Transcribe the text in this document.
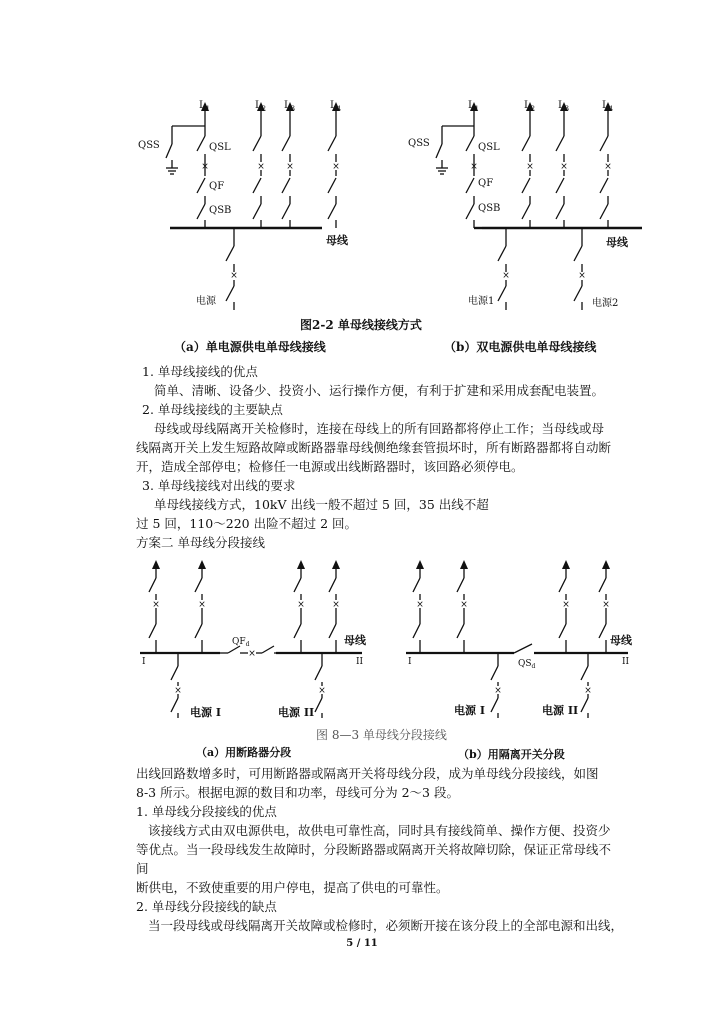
×	× ×	×
×
$L_1$	$L_2$ $L_3$	$L_4$
QSS	QSL
QF
QSB
母线
电源
×	×	×	×
×	×
$L_1$	$L_2$ $L_3$	$L_4$
QSS	QSL
QF
QSB
母线
电源1	电源2
图2-2 单母线接线方式
（a）单电源供电单母线接线	（b）双电源供电单母线接线
1. 单母线接线的优点
简单、清晰、设备少、投资小、运行操作方便，有利于扩建和采用成套配电装置。
2. 单母线接线的主要缺点
母线或母线隔离开关检修时，连接在母线上的所有回路都将停止工作；当母线或母
线隔离开关上发生短路故障或断路器靠母线侧绝缘套管损坏时，所有断路器都将自动断
开，造成全部停电；检修任一电源或出线断路器时，该回路必须停电。
3. 单母线接线对出线的要求
单母线接线方式，10kV 出线一般不超过 5 回，35 出线不超
过 5 回，110～220 出险不超过 2 回。
方案二 单母线分段接线
×	×	×	×
×
×	×
$QF_d$	母线
I	II
电源 I	电源 II
×	×	×	×
×	×
$QS_d$
母线
I	II
电源 I	电源 II
图 8—3 单母线分段接线
（a）用断路器分段	（b）用隔离开关分段
出线回路数增多时，可用断路器或隔离开关将母线分段，成为单母线分段接线，如图
8-3 所示。根据电源的数目和功率，母线可分为 2～3 段。
1. 单母线分段接线的优点
该接线方式由双电源供电，故供电可靠性高，同时具有接线简单、操作方便、投资少
等优点。当一段母线发生故障时，分段断路器或隔离开关将故障切除，保证正常母线不
间
断供电，不致使重要的用户停电，提高了供电的可靠性。
2. 单母线分段接线的缺点
当一段母线或母线隔离开关故障或检修时，必须断开接在该分段上的全部电源和出线，
5 / 11
